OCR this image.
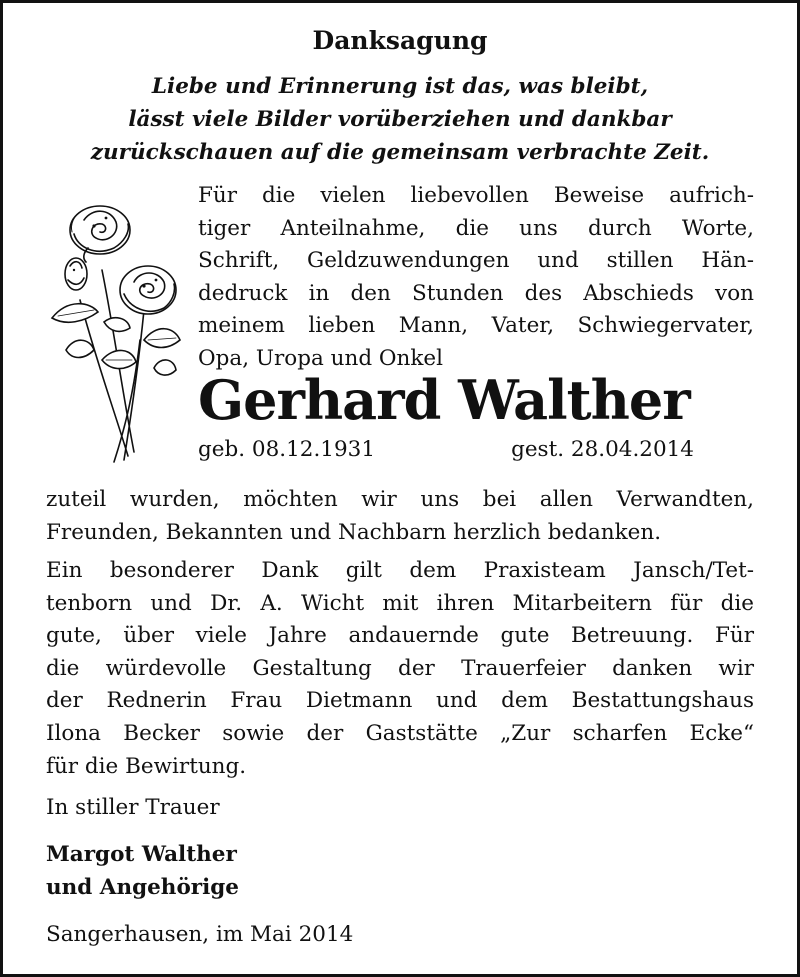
Danksagung
Liebe und Erinnerung ist das, was bleibt,
lässt viele Bilder vorüberziehen und dankbar
zurückschauen auf die gemeinsam verbrachte Zeit.
Für die vielen liebevollen Beweise aufrich-
tiger Anteilnahme, die uns durch Worte,
Schrift, Geldzuwendungen und stillen Hän-
dedruck in den Stunden des Abschieds von
meinem lieben Mann, Vater, Schwiegervater,
Opa, Uropa und Onkel
Gerhard Walther
geb. 08.12.1931	gest. 28.04.2014
zuteil wurden, möchten wir uns bei allen Verwandten,
Freunden, Bekannten und Nachbarn herzlich bedanken.
Ein besonderer Dank gilt dem Praxisteam Jansch/Tet-
tenborn und Dr. A. Wicht mit ihren Mitarbeitern für die
gute, über viele Jahre andauernde gute Betreuung. Für
die würdevolle Gestaltung der Trauerfeier danken wir
der Rednerin Frau Dietmann und dem Bestattungshaus
Ilona Becker sowie der Gaststätte „Zur scharfen Ecke“
für die Bewirtung.
In stiller Trauer
Margot Walther
und Angehörige
Sangerhausen, im Mai 2014
